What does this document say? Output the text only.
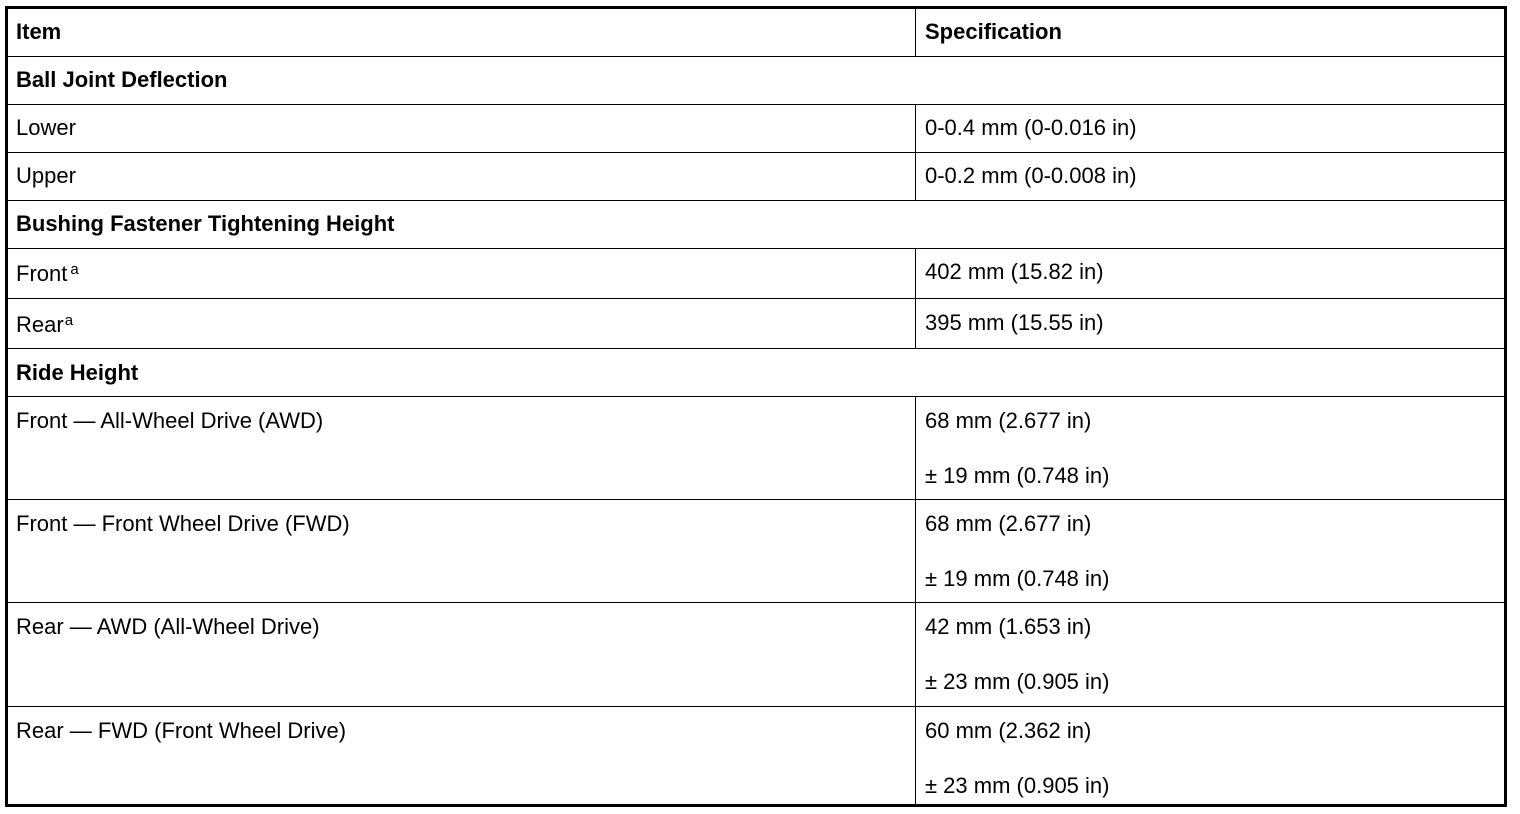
Item	Specification
Ball Joint Deflection
Lower	0-0.4 mm (0-0.016 in)
Upper	0-0.2 mm (0-0.008 in)
Bushing Fastener Tightening Height
Front $^a$	402 mm (15.82 in)
Rear$^a$	395 mm (15.55 in)
Ride Height
Front — All-Wheel Drive (AWD)	68 mm (2.677 in)
± 19 mm (0.748 in)
Front — Front Wheel Drive (FWD)	68 mm (2.677 in)
± 19 mm (0.748 in)
Rear — AWD (All-Wheel Drive)	42 mm (1.653 in)
± 23 mm (0.905 in)
Rear — FWD (Front Wheel Drive)	60 mm (2.362 in)
± 23 mm (0.905 in)
